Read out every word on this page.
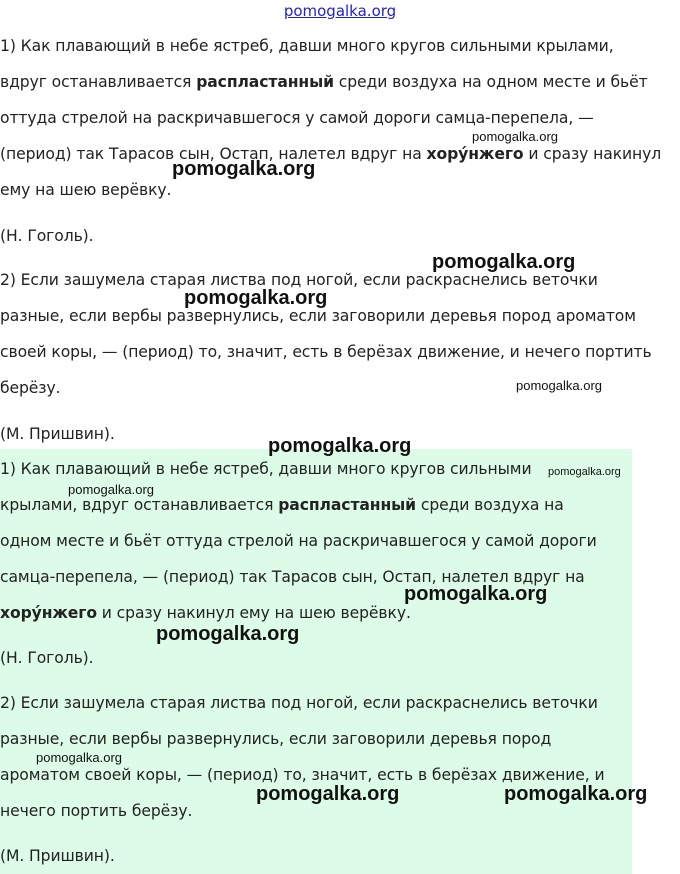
pomogalka.org
1) Как плавающий в небе ястреб, давши много кругов сильными крылами,
вдруг останавливается распластанный среди воздуха на одном месте и бьёт
оттуда стрелой на раскричавшегося у самой дороги самца-перепела, —
(период) так Тарасов сын, Остап, налетел вдруг на хору́нжего и сразу накинул
ему на шею верёвку.
(Н. Гоголь).
2) Если зашумела старая листва под ногой, если раскраснелись веточки
разные, если вербы развернулись, если заговорили деревья пород ароматом
своей коры, — (период) то, значит, есть в берёзах движение, и нечего портить
берёзу.
(М. Пришвин).
1) Как плавающий в небе ястреб, давши много кругов сильными
крылами, вдруг останавливается распластанный среди воздуха на
одном месте и бьёт оттуда стрелой на раскричавшегося у самой дороги
самца-перепела, — (период) так Тарасов сын, Остап, налетел вдруг на
хору́нжего и сразу накинул ему на шею верёвку.
(Н. Гоголь).
2) Если зашумела старая листва под ногой, если раскраснелись веточки
разные, если вербы развернулись, если заговорили деревья пород
ароматом своей коры, — (период) то, значит, есть в берёзах движение, и
нечего портить берёзу.
(М. Пришвин).
pomogalka.org
pomogalka.org
pomogalka.org
pomogalka.org
pomogalka.org
pomogalka.org
pomogalka.org
pomogalka.org
pomogalka.org
pomogalka.org
pomogalka.org
pomogalka.org	pomogalka.org
